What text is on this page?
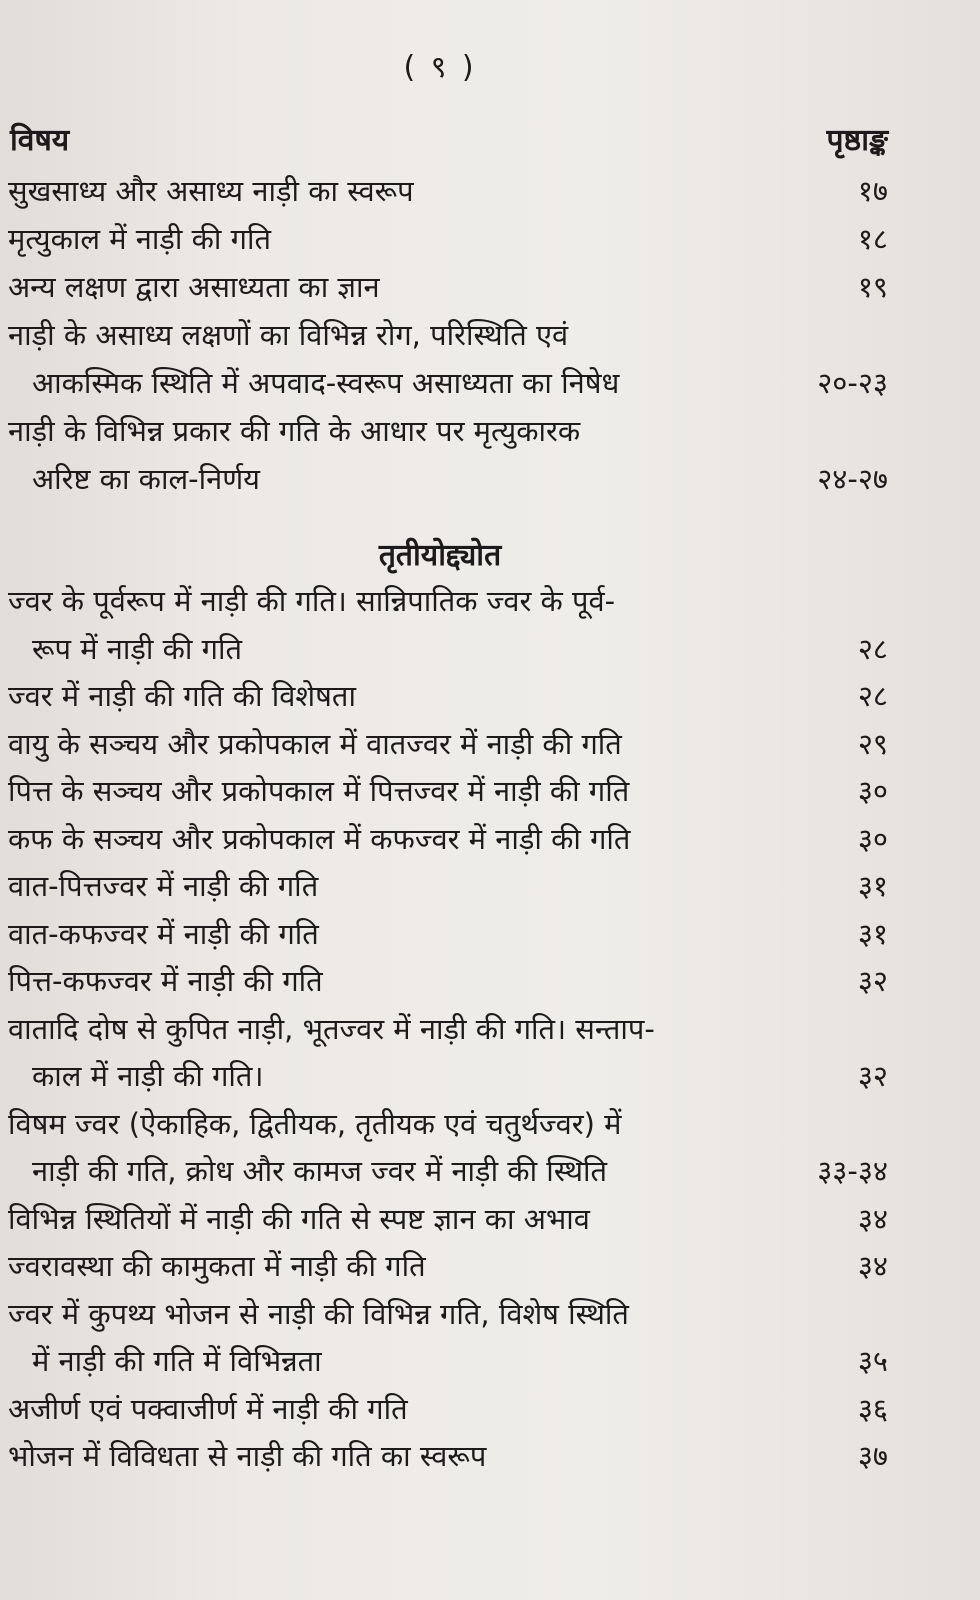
( ९ )
विषय	पृष्ठाङ्क
सुखसाध्य और असाध्य नाड़ी का स्वरूप	१७
मृत्युकाल में नाड़ी की गति	१८
अन्य लक्षण द्वारा असाध्यता का ज्ञान	१९
नाड़ी के असाध्य लक्षणों का विभिन्न रोग, परिस्थिति एवं
आकस्मिक स्थिति में अपवाद-स्वरूप असाध्यता का निषेध	२०-२३
नाड़ी के विभिन्न प्रकार की गति के आधार पर मृत्युकारक
अरिष्ट का काल-निर्णय	२४-२७
तृतीयोद्द्योत
ज्वर के पूर्वरूप में नाड़ी की गति। सान्निपातिक ज्वर के पूर्व-
रूप में नाड़ी की गति	२८
ज्वर में नाड़ी की गति की विशेषता	२८
वायु के सञ्चय और प्रकोपकाल में वातज्वर में नाड़ी की गति	२९
पित्त के सञ्चय और प्रकोपकाल में पित्तज्वर में नाड़ी की गति	३०
कफ के सञ्चय और प्रकोपकाल में कफज्वर में नाड़ी की गति	३०
वात-पित्तज्वर में नाड़ी की गति	३१
वात-कफज्वर में नाड़ी की गति	३१
पित्त-कफज्वर में नाड़ी की गति	३२
वातादि दोष से कुपित नाड़ी, भूतज्वर में नाड़ी की गति। सन्ताप-
काल में नाड़ी की गति।	३२
विषम ज्वर (ऐकाहिक, द्वितीयक, तृतीयक एवं चतुर्थज्वर) में
नाड़ी की गति, क्रोध और कामज ज्वर में नाड़ी की स्थिति	३३-३४
विभिन्न स्थितियों में नाड़ी की गति से स्पष्ट ज्ञान का अभाव	३४
ज्वरावस्था की कामुकता में नाड़ी की गति	३४
ज्वर में कुपथ्य भोजन से नाड़ी की विभिन्न गति, विशेष स्थिति
में नाड़ी की गति में विभिन्नता	३५
अजीर्ण एवं पक्वाजीर्ण में नाड़ी की गति	३६
भोजन में विविधता से नाड़ी की गति का स्वरूप	३७
